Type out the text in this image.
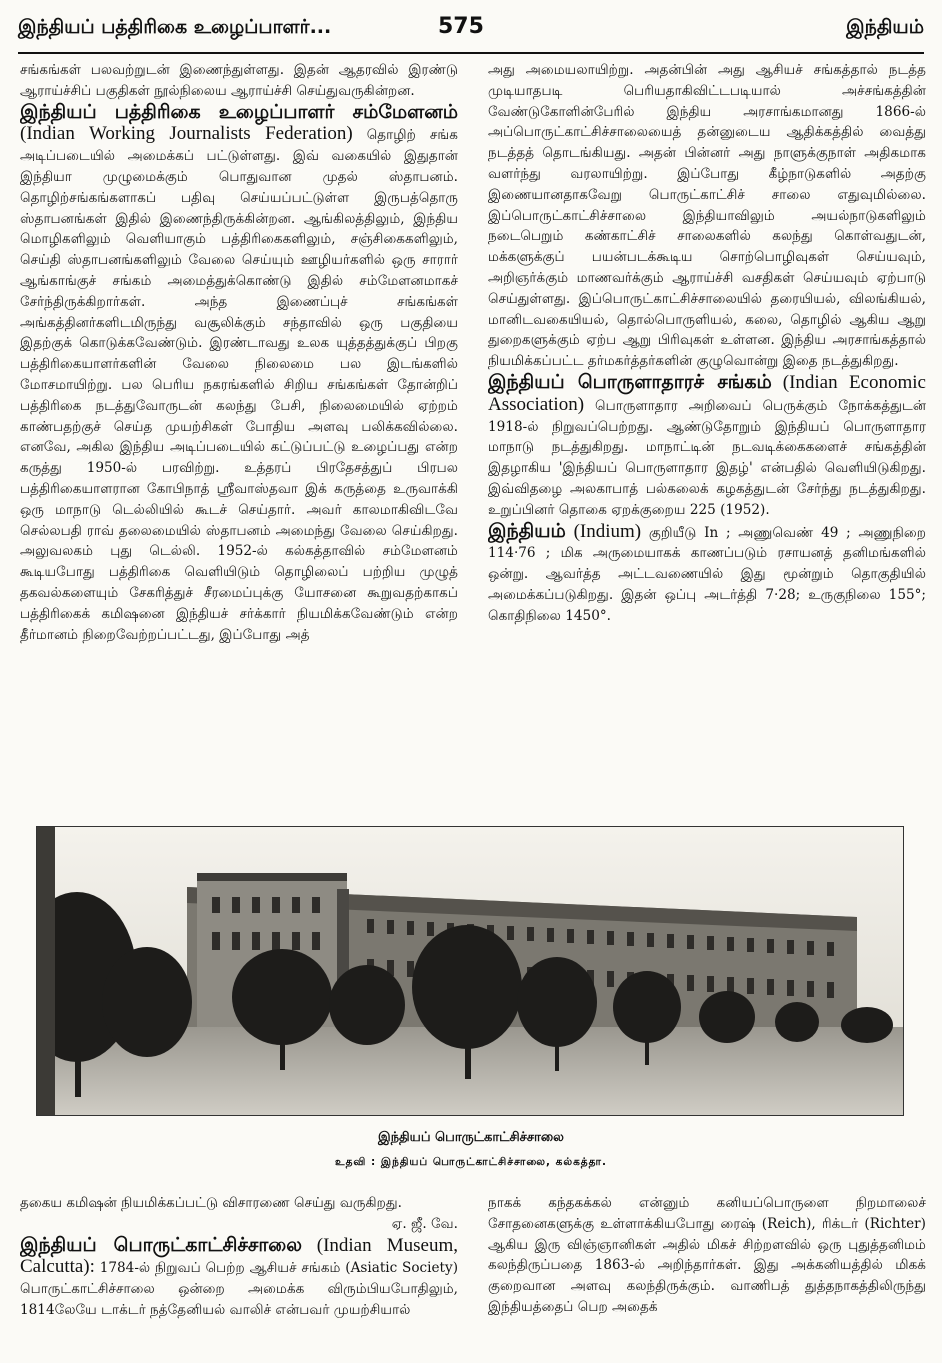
இந்தியப் பத்திரிகை உழைப்பாளர்...	575	இந்தியம்

சங்கங்கள் பலவற்றுடன் இணைந்துள்ளது. இதன் ஆதரவில் இரண்டு ஆராய்ச்சிப் பகுதிகள் நூல்நிலைய ஆராய்ச்சி செய்துவருகின்றன.

இந்தியப் பத்திரிகை உழைப்பாளர் சம்மேளனம் (Indian Working Journalists Federation) தொழிற் சங்க அடிப்படையில் அமைக்கப் பட்டுள்ளது. இவ் வகையில் இதுதான் இந்தியா முழுமைக்கும் பொதுவான முதல் ஸ்தாபனம். தொழிற்சங்கங்களாகப் பதிவு செய்யப்பட்டுள்ள இருபத்தொரு ஸ்தாபனங்கள் இதில் இணைந்திருக்கின்றன. ஆங்கிலத்திலும், இந்திய மொழிகளிலும் வெளியாகும் பத்திரிகைகளிலும், சஞ்சிகைகளிலும், செய்தி ஸ்தாபனங்களிலும் வேலை செய்யும் ஊழியர்களில் ஒரு சாரார் ஆங்காங்குச் சங்கம் அமைத்துக்கொண்டு இதில் சம்மேளனமாகச் சேர்ந்திருக்கிறார்கள். அந்த இணைப்புச் சங்கங்கள் அங்கத்தினர்களிடமிருந்து வசூலிக்கும் சந்தாவில் ஒரு பகுதியை இதற்குக் கொடுக்கவேண்டும். இரண்டாவது உலக யுத்தத்துக்குப் பிறகு பத்திரிகையாளர்களின் வேலை நிலைமை பல இடங்களில் மோசமாயிற்று. பல பெரிய நகரங்களில் சிறிய சங்கங்கள் தோன்றிப் பத்திரிகை நடத்துவோருடன் கலந்து பேசி, நிலைமையில் ஏற்றம் காண்பதற்குச் செய்த முயற்சிகள் போதிய அளவு பலிக்கவில்லை. எனவே, அகில இந்திய அடிப்படையில் கட்டுப்பட்டு உழைப்பது என்ற கருத்து 1950-ல் பரவிற்று. உத்தரப் பிரதேசத்துப் பிரபல பத்திரிகையாளரான கோபிநாத் ஸ்ரீவாஸ்தவா இக் கருத்தை உருவாக்கி ஒரு மாநாடு டெல்லியில் கூடச் செய்தார். அவர் காலமாகிவிடவே செல்லபதி ராவ் தலைமையில் ஸ்தாபனம் அமைந்து வேலை செய்கிறது. அலுவலகம் புது டெல்லி. 1952-ல் கல்கத்தாவில் சம்மேளனம் கூடியபோது பத்திரிகை வெளியிடும் தொழிலைப் பற்றிய முழுத் தகவல்களையும் சேகரித்துச் சீரமைப்புக்கு யோசனை கூறுவதற்காகப் பத்திரிகைக் கமிஷனை இந்தியச் சர்க்கார் நியமிக்கவேண்டும் என்ற தீர்மானம் நிறைவேற்றப்பட்டது, இப்போது அத்

அது அமையலாயிற்று. அதன்பின் அது ஆசியச் சங்கத்தால் நடத்த முடியாதபடி பெரியதாகிவிட்டபடியால் அச்சங்கத்தின் வேண்டுகோளின்பேரில் இந்திய அரசாங்கமானது 1866-ல் அப்பொருட்காட்சிச்சாலையைத் தன்னுடைய ஆதிக்கத்தில் வைத்து நடத்தத் தொடங்கியது. அதன் பின்னர் அது நாளுக்குநாள் அதிகமாக வளர்ந்து வரலாயிற்று. இப்போது கீழ்நாடுகளில் அதற்கு இணையானதாகவேறு பொருட்காட்சிச் சாலை எதுவுமில்லை. இப்பொருட்காட்சிச்சாலை இந்தியாவிலும் அயல்நாடுகளிலும் நடைபெறும் கண்காட்சிச் சாலைகளில் கலந்து கொள்வதுடன், மக்களுக்குப் பயன்படக்கூடிய சொற்பொழிவுகள் செய்யவும், அறிஞர்க்கும் மாணவர்க்கும் ஆராய்ச்சி வசதிகள் செய்யவும் ஏற்பாடு செய்துள்ளது. இப்பொருட்காட்சிச்சாலையில் தரையியல், விலங்கியல், மானிடவகையியல், தொல்பொருளியல், கலை, தொழில் ஆகிய ஆறு துறைகளுக்கும் ஏற்ப ஆறு பிரிவுகள் உள்ளன. இந்திய அரசாங்கத்தால் நியமிக்கப்பட்ட தர்மகர்த்தர்களின் குழுவொன்று இதை நடத்துகிறது.

இந்தியப் பொருளாதாரச் சங்கம் (Indian Economic Association) பொருளாதார அறிவைப் பெருக்கும் நோக்கத்துடன் 1918-ல் நிறுவப்பெற்றது. ஆண்டுதோறும் இந்தியப் பொருளாதார மாநாடு நடத்துகிறது. மாநாட்டின் நடவடிக்கைகளைச் சங்கத்தின் இதழாகிய 'இந்தியப் பொருளாதார இதழ்' என்பதில் வெளியிடுகிறது. இவ்விதழை அலகாபாத் பல்கலைக் கழகத்துடன் சேர்ந்து நடத்துகிறது. உறுப்பினர் தொகை ஏறக்குறைய 225 (1952).

இந்தியம் (Indium) குறியீடு In ; அணுவெண் 49 ; அணுநிறை 114·76 ; மிக அருமையாகக் காணப்படும் ரசாயனத் தனிமங்களில் ஒன்று. ஆவர்த்த அட்டவணையில் இது மூன்றும் தொகுதியில் அமைக்கப்படுகிறது. இதன் ஒப்பு அடர்த்தி 7·28; உருகுநிலை 155°; கொதிநிலை 1450°.

இந்தியப் பொருட்காட்சிச்சாலை
உதவி : இந்தியப் பொருட்காட்சிச்சாலை, கல்கத்தா.

தகைய கமிஷன் நியமிக்கப்பட்டு விசாரணை செய்து வருகிறது.

ஏ. ஜீ. வே.

இந்தியப் பொருட்காட்சிச்சாலை (Indian Museum, Calcutta): 1784-ல் நிறுவப் பெற்ற ஆசியச் சங்கம் (Asiatic Society) பொருட்காட்சிச்சாலை ஒன்றை அமைக்க விரும்பியபோதிலும், 1814லேயே டாக்டர் நத்தேனியல் வாலிச் என்பவர் முயற்சியால்

நாகக் கந்தகக்கல் என்னும் கனியப்பொருளை நிறமாலைச் சோதனைகளுக்கு உள்ளாக்கியபோது ரைஷ் (Reich), ரிக்டர் (Richter) ஆகிய இரு விஞ்ஞானிகள் அதில் மிகச் சிற்றளவில் ஒரு புதுத்தனிமம் கலந்திருப்பதை 1863-ல் அறிந்தார்கள். இது அக்கனியத்தில் மிகக் குறைவான அளவு கலந்திருக்கும். வாணிபத் துத்தநாகத்திலிருந்து இந்தியத்தைப் பெற அதைக்
